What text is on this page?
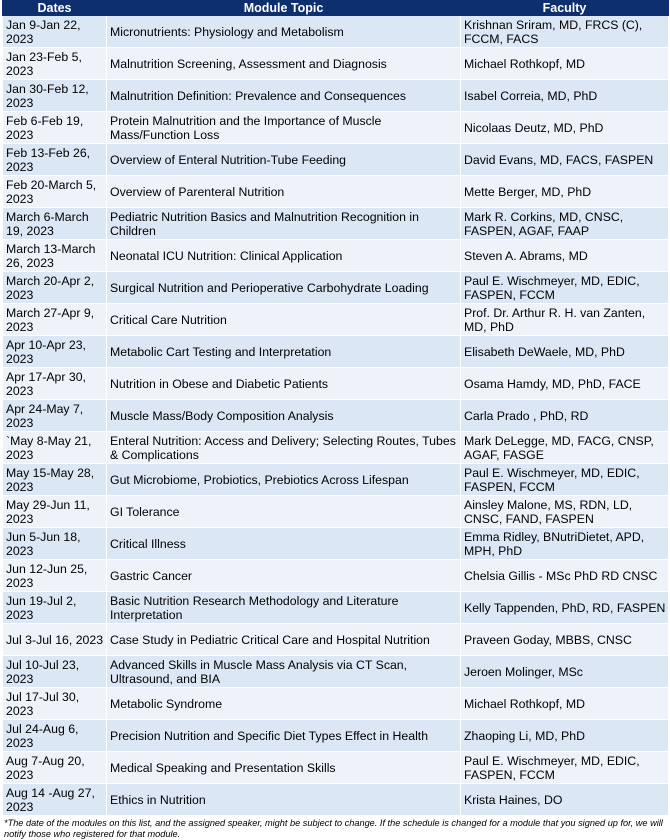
Dates	Module Topic	Faculty
Jan 9-Jan 22, 2023	Micronutrients: Physiology and Metabolism	Krishnan Sriram, MD, FRCS (C), FCCM, FACS
Jan 23-Feb 5, 2023	Malnutrition Screening, Assessment and Diagnosis	Michael Rothkopf, MD
Jan 30-Feb 12, 2023	Malnutrition Definition: Prevalence and Consequences	Isabel Correia, MD, PhD
Feb 6-Feb 19, 2023	Protein Malnutrition and the Importance of Muscle Mass/Function Loss	Nicolaas Deutz, MD, PhD
Feb 13-Feb 26, 2023	Overview of Enteral Nutrition-Tube Feeding	David Evans, MD, FACS, FASPEN
Feb 20-March 5, 2023	Overview of Parenteral Nutrition	Mette Berger, MD, PhD
March 6-March 19, 2023	Pediatric Nutrition Basics and Malnutrition Recognition in Children	Mark R. Corkins, MD, CNSC, FASPEN, AGAF, FAAP
March 13-March 26, 2023	Neonatal ICU Nutrition: Clinical Application	Steven A. Abrams, MD
March 20-Apr 2, 2023	Surgical Nutrition and Perioperative Carbohydrate Loading	Paul E. Wischmeyer, MD, EDIC, FASPEN, FCCM
March 27-Apr 9, 2023	Critical Care Nutrition	Prof. Dr. Arthur R. H. van Zanten, MD, PhD
Apr 10-Apr 23, 2023	Metabolic Cart Testing and Interpretation	Elisabeth DeWaele, MD, PhD
Apr 17-Apr 30, 2023	Nutrition in Obese and Diabetic Patients	Osama Hamdy, MD, PhD, FACE
Apr 24-May 7, 2023	Muscle Mass/Body Composition Analysis	Carla Prado , PhD, RD
`May 8-May 21, 2023	Enteral Nutrition: Access and Delivery; Selecting Routes, Tubes & Complications	Mark DeLegge, MD, FACG, CNSP, AGAF, FASGE
May 15-May 28, 2023	Gut Microbiome, Probiotics, Prebiotics Across Lifespan	Paul E. Wischmeyer, MD, EDIC, FASPEN, FCCM
May 29-Jun 11, 2023	GI Tolerance	Ainsley Malone, MS, RDN, LD, CNSC, FAND, FASPEN
Jun 5-Jun 18, 2023	Critical Illness	Emma Ridley, BNutriDietet, APD, MPH, PhD
Jun 12-Jun 25, 2023	Gastric Cancer	Chelsia Gillis - MSc PhD RD CNSC
Jun 19-Jul 2, 2023	Basic Nutrition Research Methodology and Literature Interpretation	Kelly Tappenden, PhD, RD, FASPEN
Jul 3-Jul 16, 2023	Case Study in Pediatric Critical Care and Hospital Nutrition	Praveen Goday, MBBS, CNSC
Jul 10-Jul 23, 2023	Advanced Skills in Muscle Mass Analysis via CT Scan, Ultrasound, and BIA	Jeroen Molinger, MSc
Jul 17-Jul 30, 2023	Metabolic Syndrome	Michael Rothkopf, MD
Jul 24-Aug 6, 2023	Precision Nutrition and Specific Diet Types Effect in Health	Zhaoping Li, MD, PhD
Aug 7-Aug 20, 2023	Medical Speaking and Presentation Skills	Paul E. Wischmeyer, MD, EDIC, FASPEN, FCCM
Aug 14 -Aug 27, 2023	Ethics in Nutrition	Krista Haines, DO
*The date of the modules on this list, and the assigned speaker, might be subject to change. If the schedule is changed for a module that you signed up for, we will notify those who registered for that module.
